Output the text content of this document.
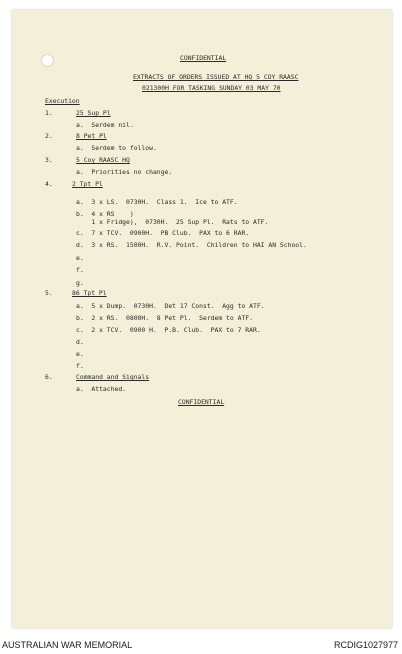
CONFIDENTIAL
EXTRACTS OF ORDERS ISSUED AT HQ 5 COY RAASC
021300H FOR TASKING SUNDAY 03 MAY 70
Execution
1.	25 Sup Pl
a.  Serdem nil.
2.	8 Pet Pl
a.  Serdem to follow.
3.	5 Coy RAASC HQ
a.  Priorities no change.
4.	2 Tpt Pl
a.  3 x LS.  0730H.  Class 1.  Ice to ATF.
b.  4 x RS    )
1 x Fridge),  0730H.  25 Sup Pl.  Rats to ATF.
c.  7 x TCV.  0900H.  PB Club.  PAX to 6 RAR.
d.  3 x RS.  1500H.  R.V. Point.  Children to HAI AN School.
e.
f.
g.
5.	86 Tpt Pl
a.  5 x Dump.  0730H.  Det 17 Const.  Agg to ATF.
b.  2 x RS.  0800H.  8 Pet Pl.  Serdem to ATF.
c.  2 x TCV.  0900 H.  P.B. Club.  PAX to 7 RAR.
d.
e.
f.
6.	Command and Signals
a.  Attached.
CONFIDENTIAL
AUSTRALIAN WAR MEMORIAL	RCDIG1027977
